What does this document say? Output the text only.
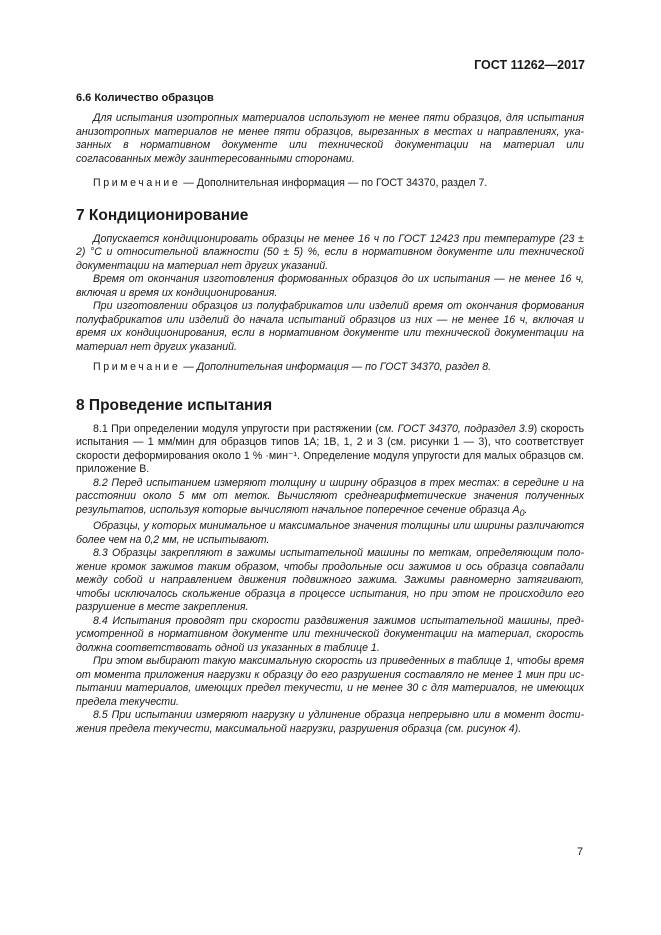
ГОСТ 11262—2017
6.6 Количество образцов

Для испытания изотропных материалов используют не менее пяти образцов, для испытания анизотропных материалов не менее пяти образцов, вырезанных в местах и направлениях, указанных в нормативном документе или технической документации на материал или согласованных между заинтересованными сторонами.

Примечание — Дополнительная информация — по ГОСТ 34370, раздел 7.

7 Кондиционирование

Допускается кондиционировать образцы не менее 16 ч по ГОСТ 12423 при температуре (23 ± 2) °С и относительной влажности (50 ± 5) %, если в нормативном документе или технической документации на материал нет других указаний.

Время от окончания изготовления формованных образцов до их испытания — не менее 16 ч, включая и время их кондиционирования.

При изготовлении образцов из полуфабрикатов или изделий время от окончания формования полуфабрикатов или изделий до начала испытаний образцов из них — не менее 16 ч, включая и время их кондиционирования, если в нормативном документе или технической документации на материал нет других указаний.

Примечание — Дополнительная информация — по ГОСТ 34370, раздел 8.

8 Проведение испытания

8.1 При определении модуля упругости при растяжении (см. ГОСТ 34370, подраздел 3.9) скорость испытания — 1 мм/мин для образцов типов 1А; 1В, 1, 2 и 3 (см. рисунки 1 — 3), что соответствует скорости деформирования около 1 % ·мин⁻¹. Определение модуля упругости для малых образцов см. приложение В.

8.2 Перед испытанием измеряют толщину и ширину образцов в трех местах: в середине и на расстоянии около 5 мм от меток. Вычисляют среднеарифметические значения полученных результатов, используя которые вычисляют начальное поперечное сечение образца $A_0$.

Образцы, у которых минимальное и максимальное значения толщины или ширины различаются более чем на 0,2 мм, не испытывают.

8.3 Образцы закрепляют в зажимы испытательной машины по меткам, определяющим положение кромок зажимов таким образом, чтобы продольные оси зажимов и ось образца совпадали между собой и направлением движения подвижного зажима. Зажимы равномерно затягивают, чтобы исключалось скольжение образца в процессе испытания, но при этом не происходило его разрушение в месте закрепления.

8.4 Испытания проводят при скорости раздвижения зажимов испытательной машины, предусмотренной в нормативном документе или технической документации на материал, скорость должна соответствовать одной из указанных в таблице 1.

При этом выбирают такую максимальную скорость из приведенных в таблице 1, чтобы время от момента приложения нагрузки к образцу до его разрушения составляло не менее 1 мин при испытании материалов, имеющих предел текучести, и не менее 30 с для материалов, не имеющих предела текучести.

8.5 При испытании измеряют нагрузку и удлинение образца непрерывно или в момент достижения предела текучести, максимальной нагрузки, разрушения образца (см. рисунок 4).

7
